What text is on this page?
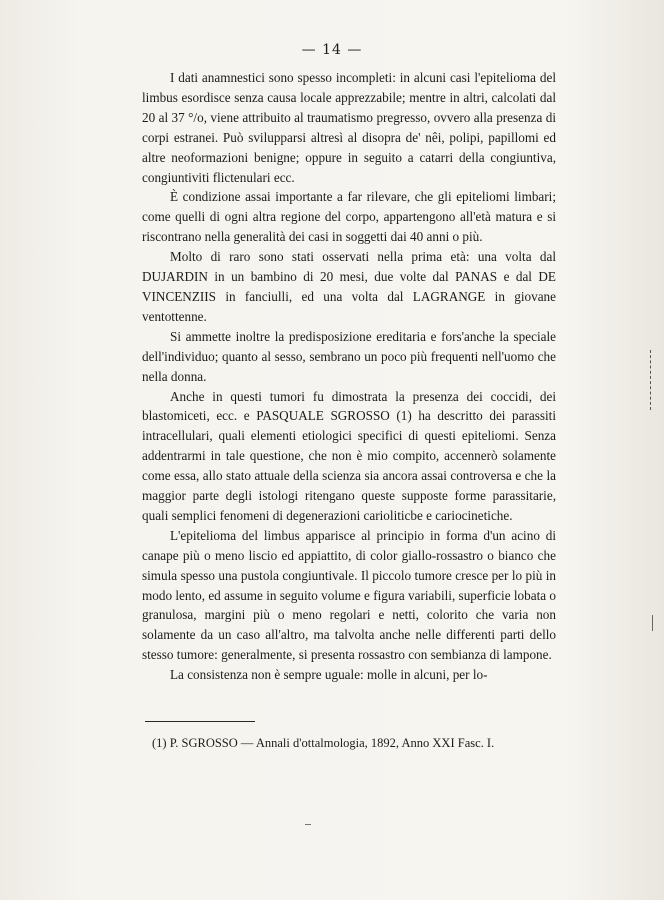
— 14 —

I dati anamnestici sono spesso incompleti: in alcuni casi l'epitelioma del limbus esordisce senza causa locale apprezzabile; mentre in altri, calcolati dal 20 al 37 °/o, viene attribuito al traumatismo pregresso, ovvero alla presenza di corpi estranei. Può svilupparsi altresì al disopra de' nêi, polipi, papillomi ed altre neoformazioni benigne; oppure in seguito a catarri della congiuntiva, congiuntiviti flictenulari ecc.

È condizione assai importante a far rilevare, che gli epiteliomi limbari; come quelli di ogni altra regione del corpo, appartengono all'età matura e si riscontrano nella generalità dei casi in soggetti dai 40 anni o più.

Molto di raro sono stati osservati nella prima età: una volta dal DUJARDIN in un bambino di 20 mesi, due volte dal PANAS e dal DE VINCENZIIS in fanciulli, ed una volta dal LAGRANGE in giovane ventottenne.

Si ammette inoltre la predisposizione ereditaria e fors'anche la speciale dell'individuo; quanto al sesso, sembrano un poco più frequenti nell'uomo che nella donna.

Anche in questi tumori fu dimostrata la presenza dei coccidi, dei blastomiceti, ecc. e PASQUALE SGROSSO (1) ha descritto dei parassiti intracellulari, quali elementi etiologici specifici di questi epiteliomi. Senza addentrarmi in tale questione, che non è mio compito, accennerò solamente come essa, allo stato attuale della scienza sia ancora assai controversa e che la maggior parte degli istologi ritengano queste supposte forme parassitarie, quali semplici fenomeni di degenerazioni carioliticbe e cariocinetiche.

L'epitelioma del limbus apparisce al principio in forma d'un acino di canape più o meno liscio ed appiattito, di color giallo-rossastro o bianco che simula spesso una pustola congiuntivale. Il piccolo tumore cresce per lo più in modo lento, ed assume in seguito volume e figura variabili, superficie lobata o granulosa, margini più o meno regolari e netti, colorito che varia non solamente da un caso all'altro, ma talvolta anche nelle differenti parti dello stesso tumore: generalmente, si presenta rossastro con sembianza di lampone.

La consistenza non è sempre uguale: molle in alcuni, per lo-

(1) P. SGROSSO — Annali d'ottalmologia, 1892, Anno XXI Fasc. I.
